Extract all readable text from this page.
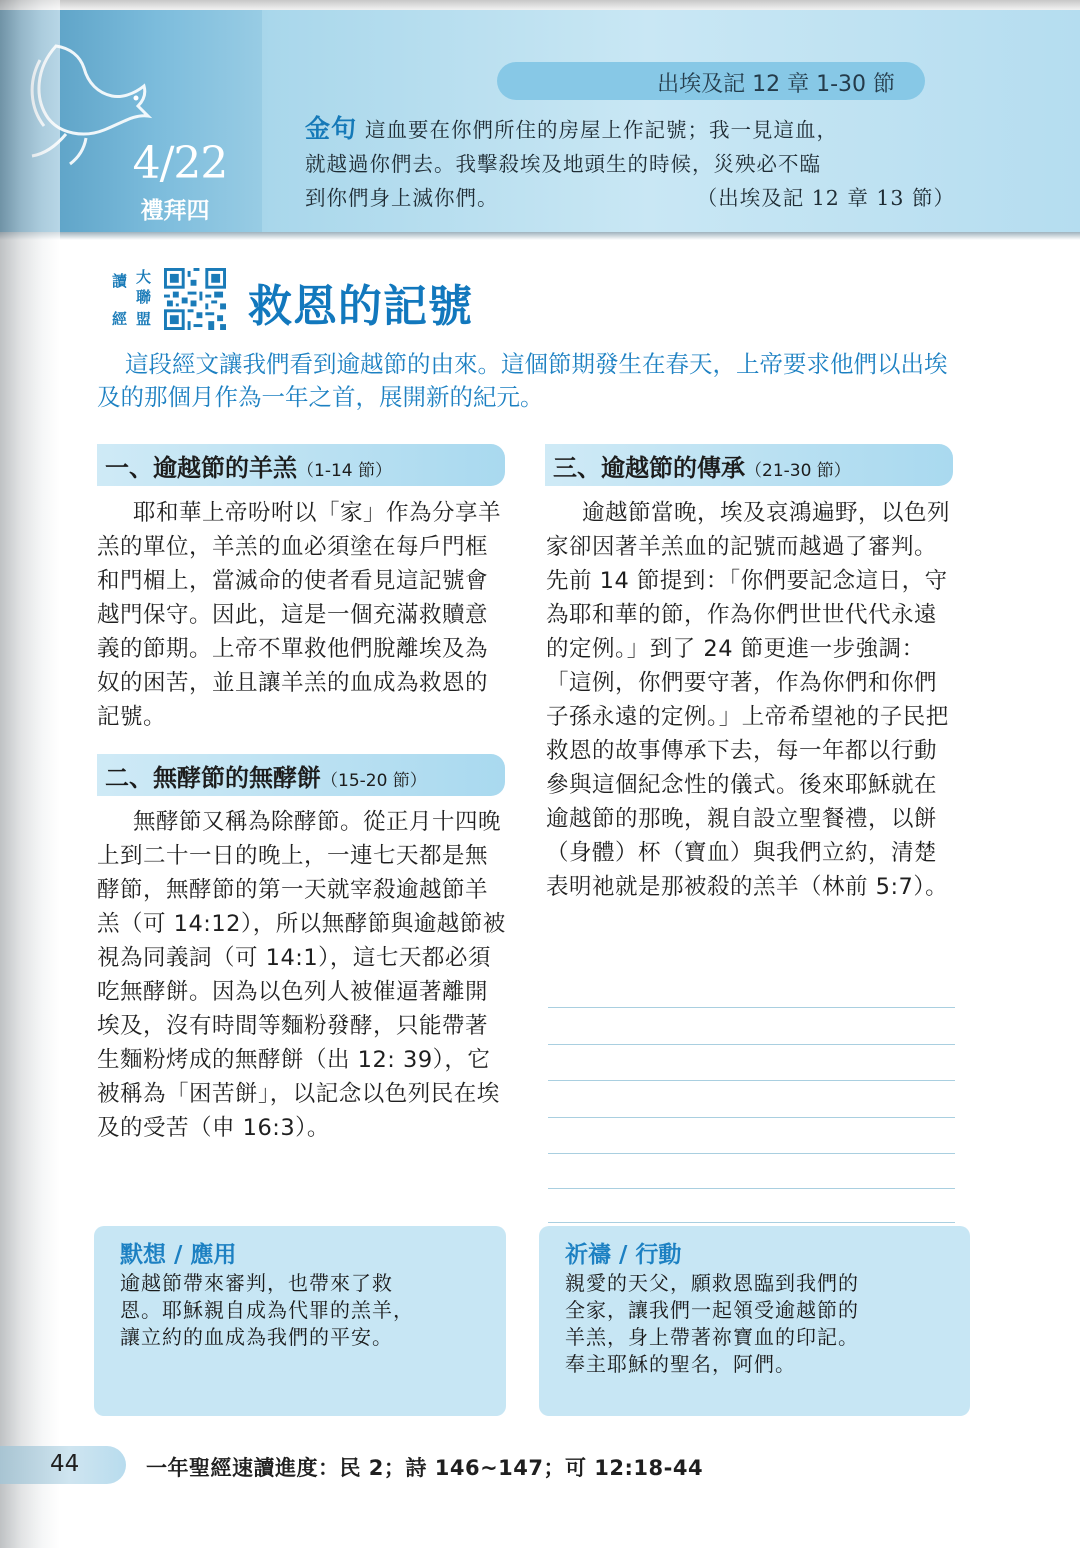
4/22
禮拜四
出埃及記 12 章 1-30 節
金句 這血要在你們所住的房屋上作記號；我一見這血，
就越過你們去。我擊殺埃及地頭生的時候，災殃必不臨
到你們身上滅你們。	（出埃及記 12 章 13 節）
讀 大
聯
經 盟 救恩的記號
這段經文讓我們看到逾越節的由來。這個節期發生在春天，上帝要求他們以出埃及的那個月作為一年之首，展開新的紀元。
一、逾越節的羊羔（1-14 節）

耶和華上帝吩咐以「家」作為分享羊羔的單位，羊羔的血必須塗在每戶門框和門楣上，當滅命的使者看見這記號會越門保守。因此，這是一個充滿救贖意義的節期。上帝不單救他們脫離埃及為奴的困苦，並且讓羊羔的血成為救恩的記號。

二、無酵節的無酵餅（15-20 節）

無酵節又稱為除酵節。從正月十四晚上到二十一日的晚上，一連七天都是無酵節，無酵節的第一天就宰殺逾越節羊羔（可 14:12），所以無酵節與逾越節被視為同義詞（可 14:1），這七天都必須吃無酵餅。因為以色列人被催逼著離開埃及，沒有時間等麵粉發酵，只能帶著生麵粉烤成的無酵餅（出 12: 39），它被稱為「困苦餅」，以記念以色列民在埃及的受苦（申 16:3）。

三、逾越節的傳承（21-30 節）

逾越節當晚，埃及哀鴻遍野，以色列家卻因著羊羔血的記號而越過了審判。先前 14 節提到：「你們要記念這日，守為耶和華的節，作為你們世世代代永遠的定例。」到了 24 節更進一步強調：「這例，你們要守著，作為你們和你們子孫永遠的定例。」上帝希望祂的子民把救恩的故事傳承下去，每一年都以行動參與這個紀念性的儀式。後來耶穌就在逾越節的那晚，親自設立聖餐禮，以餅（身體）杯（寶血）與我們立約，清楚表明祂就是那被殺的羔羊（林前 5:7）。

默想 / 應用
逾越節帶來審判，也帶來了救
恩。耶穌親自成為代罪的羔羊，
讓立約的血成為我們的平安。
祈禱 / 行動
親愛的天父，願救恩臨到我們的
全家，讓我們一起領受逾越節的
羊羔，身上帶著祢寶血的印記。
奉主耶穌的聖名，阿們。
44	一年聖經速讀進度：民 2；詩 146~147；可 12:18-44
